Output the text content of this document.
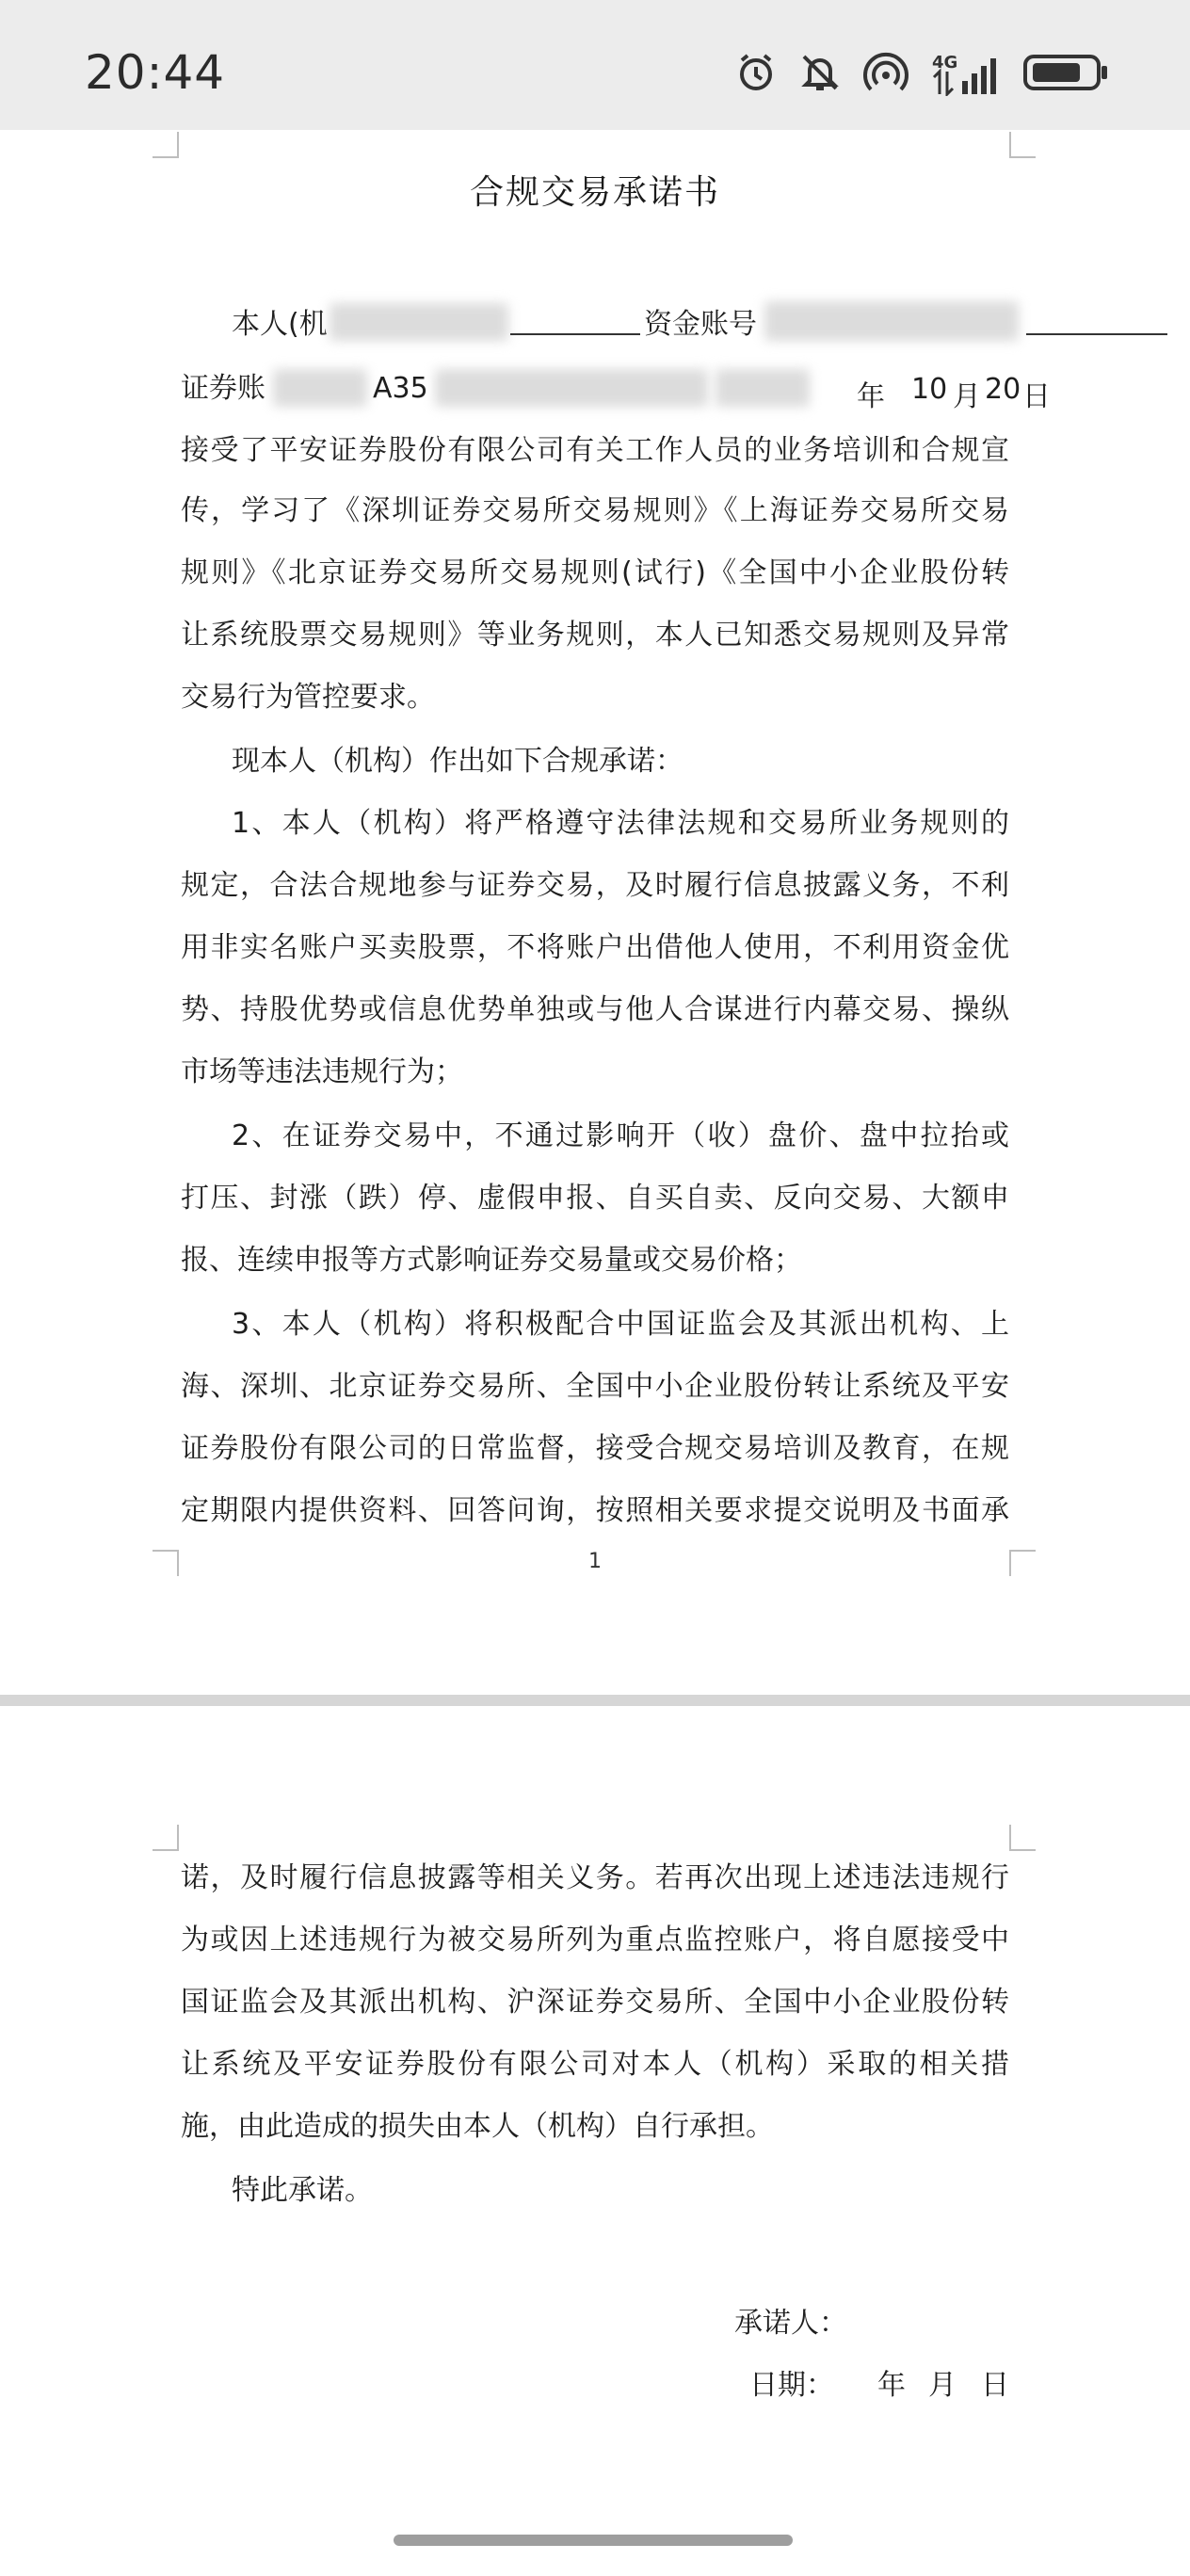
20:44	4G
合规交易承诺书
本人(机	资金账号
证券账	A35	年 10 月 20 日
接受了平安证券股份有限公司有关工作人员的业务培训和合规宣
传，学习了《深圳证券交易所交易规则》《上海证券交易所交易
规则》《北京证券交易所交易规则(试行)《全国中小企业股份转
让系统股票交易规则》等业务规则，本人已知悉交易规则及异常
交易行为管控要求。
现本人（机构）作出如下合规承诺：
1、本人（机构）将严格遵守法律法规和交易所业务规则的
规定，合法合规地参与证券交易，及时履行信息披露义务，不利
用非实名账户买卖股票，不将账户出借他人使用，不利用资金优
势、持股优势或信息优势单独或与他人合谋进行内幕交易、操纵
市场等违法违规行为；
2、在证券交易中，不通过影响开（收）盘价、盘中拉抬或
打压、封涨（跌）停、虚假申报、自买自卖、反向交易、大额申
报、连续申报等方式影响证券交易量或交易价格；
3、本人（机构）将积极配合中国证监会及其派出机构、上
海、深圳、北京证券交易所、全国中小企业股份转让系统及平安
证券股份有限公司的日常监督，接受合规交易培训及教育，在规
定期限内提供资料、回答问询，按照相关要求提交说明及书面承
1
诺，及时履行信息披露等相关义务。若再次出现上述违法违规行
为或因上述违规行为被交易所列为重点监控账户，将自愿接受中
国证监会及其派出机构、沪深证券交易所、全国中小企业股份转
让系统及平安证券股份有限公司对本人（机构）采取的相关措
施，由此造成的损失由本人（机构）自行承担。
特此承诺。
承诺人：
日期： 年 月 日
